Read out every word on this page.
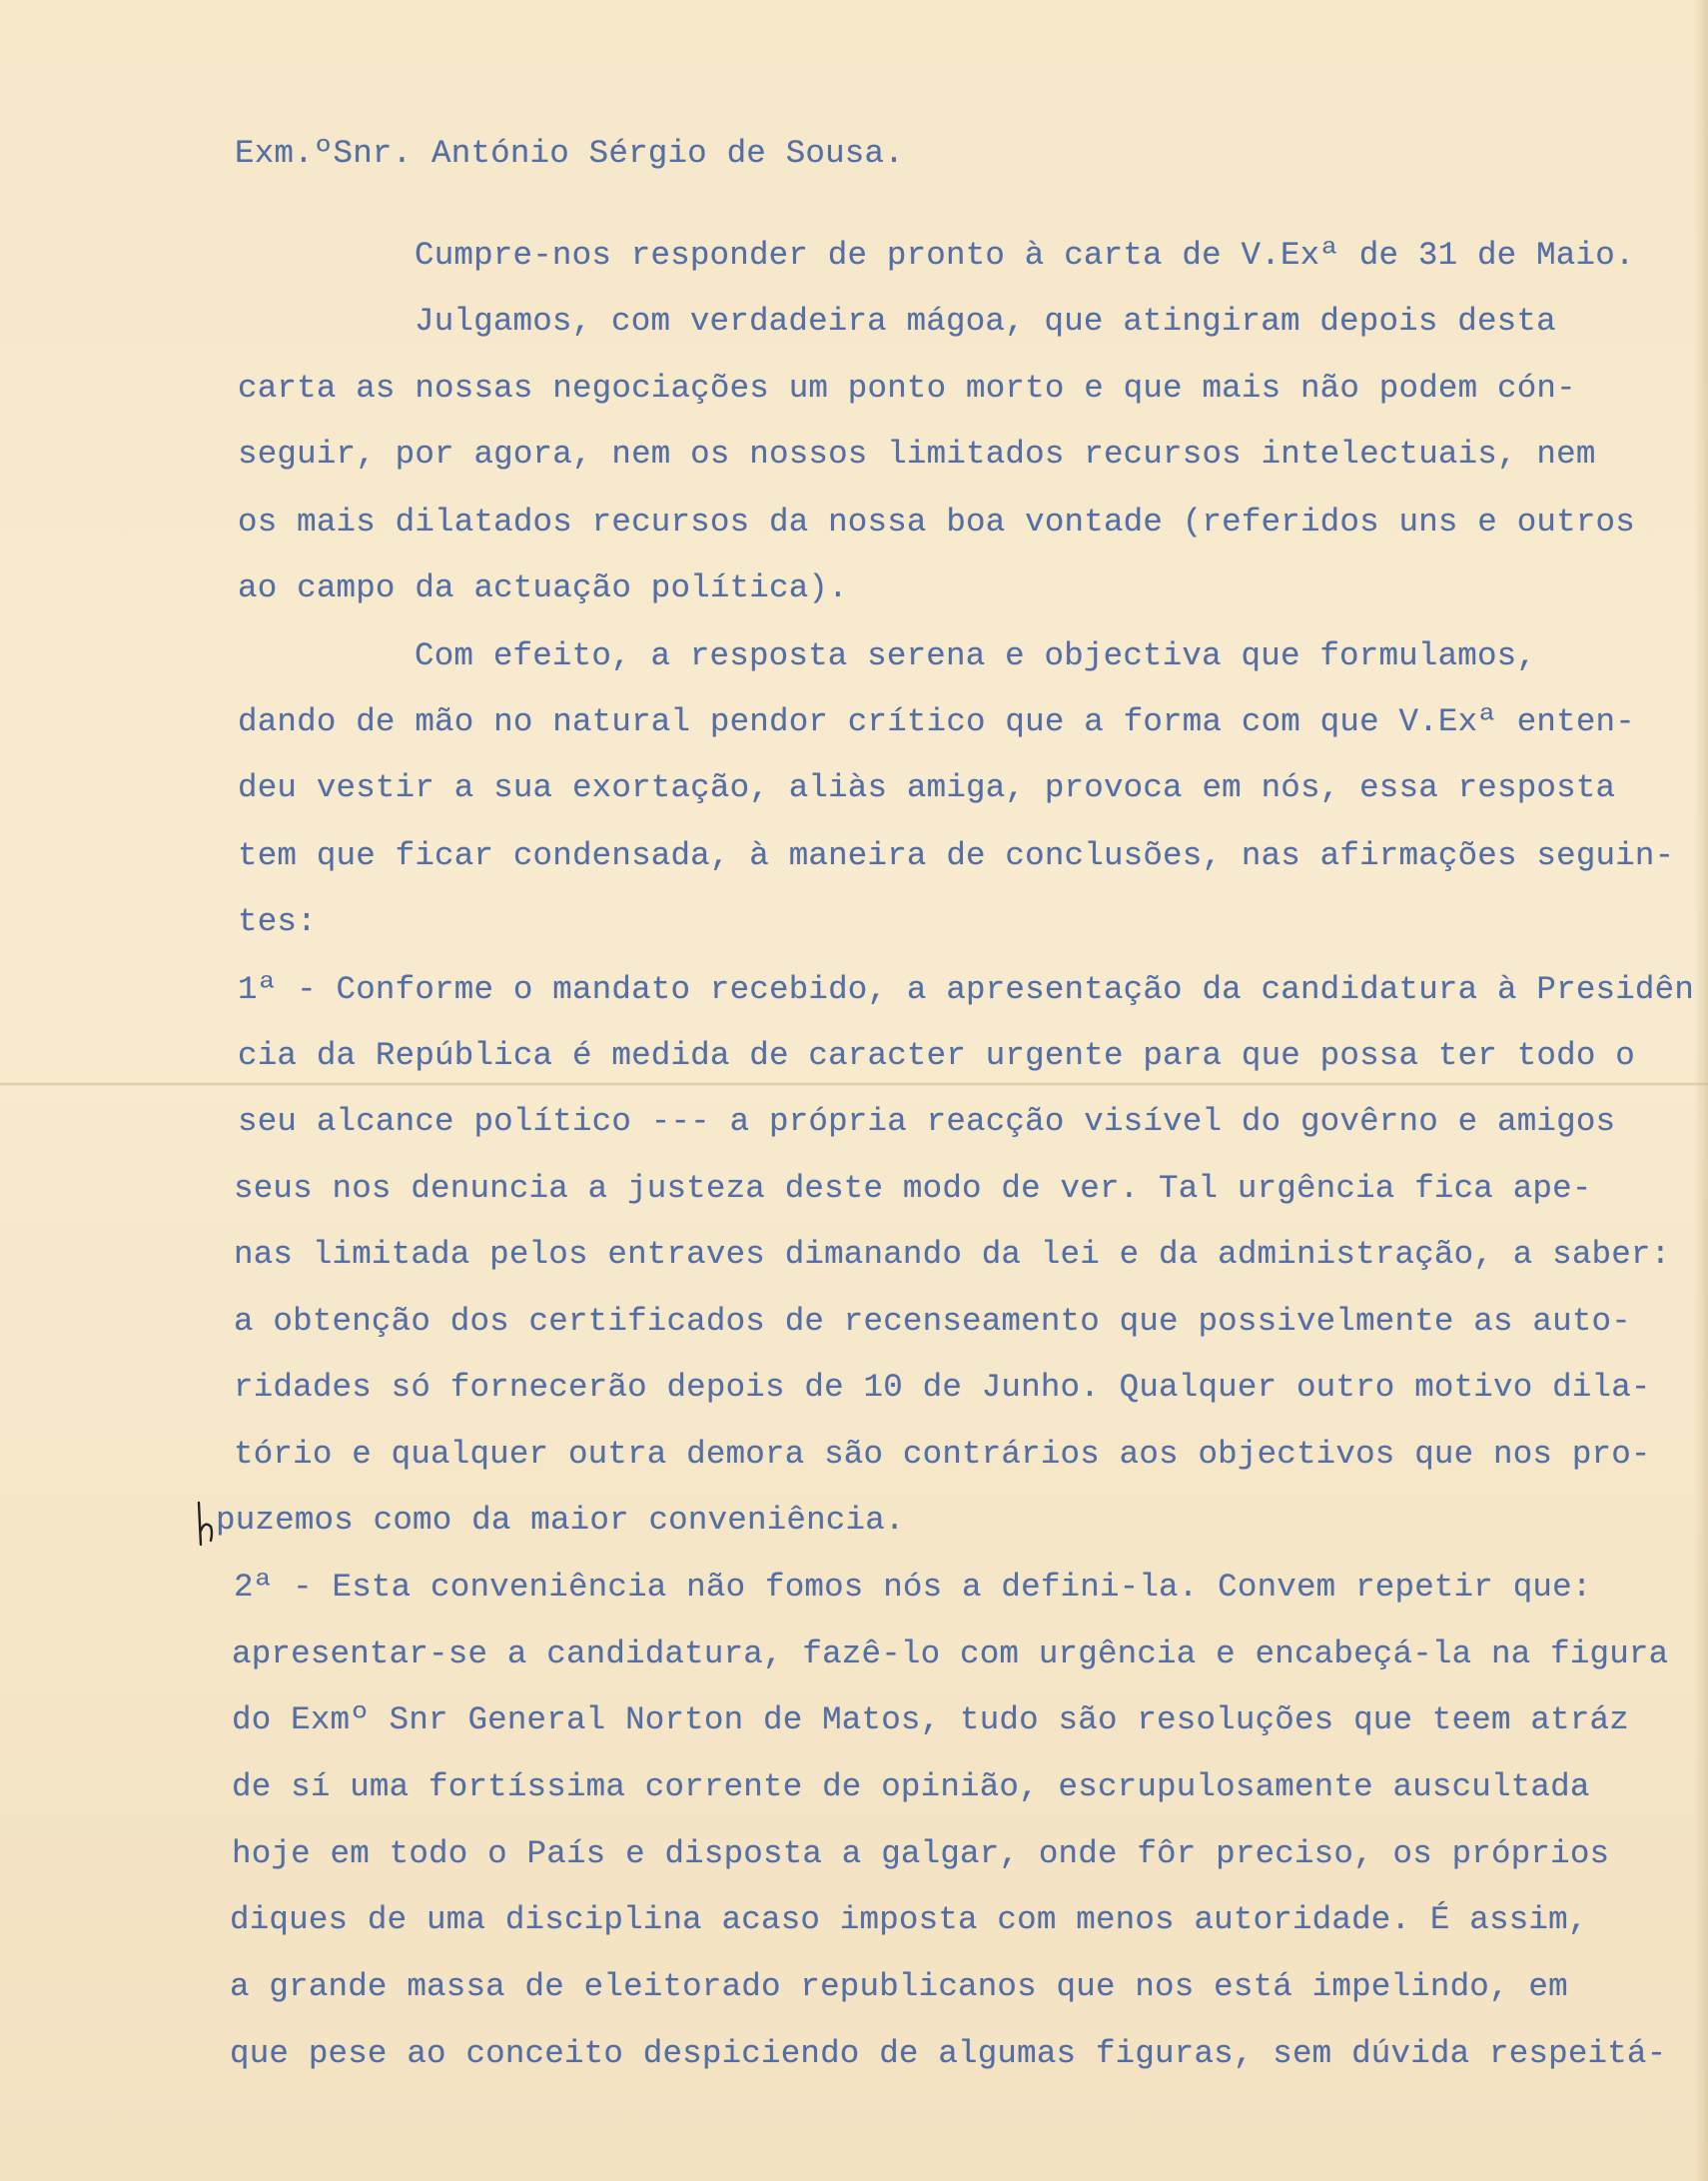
Exm.ºSnr. António Sérgio de Sousa.
Cumpre-nos responder de pronto à carta de V.Exª de 31 de Maio.
Julgamos, com verdadeira mágoa, que atingiram depois desta
carta as nossas negociações um ponto morto e que mais não podem cón-
seguir, por agora, nem os nossos limitados recursos intelectuais, nem
os mais dilatados recursos da nossa boa vontade (referidos uns e outros
ao campo da actuação política).
Com efeito, a resposta serena e objectiva que formulamos,
dando de mão no natural pendor crítico que a forma com que V.Exª enten-
deu vestir a sua exortação, aliàs amiga, provoca em nós, essa resposta
tem que ficar condensada, à maneira de conclusões, nas afirmações seguin-
tes:
1ª - Conforme o mandato recebido, a apresentação da candidatura à Presidên
cia da República é medida de caracter urgente para que possa ter todo o
seu alcance político --- a própria reacção visível do govêrno e amigos
seus nos denuncia a justeza deste modo de ver. Tal urgência fica ape-
nas limitada pelos entraves dimanando da lei e da administração, a saber:
a obtenção dos certificados de recenseamento que possivelmente as auto-
ridades só fornecerão depois de 10 de Junho. Qualquer outro motivo dila-
tório e qualquer outra demora são contrários aos objectivos que nos pro-
puzemos como da maior conveniência.
2ª - Esta conveniência não fomos nós a defini-la. Convem repetir que:
apresentar-se a candidatura, fazê-lo com urgência e encabeçá-la na figura
do Exmº Snr General Norton de Matos, tudo são resoluções que teem atráz
de sí uma fortíssima corrente de opinião, escrupulosamente auscultada
hoje em todo o País e disposta a galgar, onde fôr preciso, os próprios
diques de uma disciplina acaso imposta com menos autoridade. É assim,
a grande massa de eleitorado republicanos que nos está impelindo, em
que pese ao conceito despiciendo de algumas figuras, sem dúvida respeitá-
